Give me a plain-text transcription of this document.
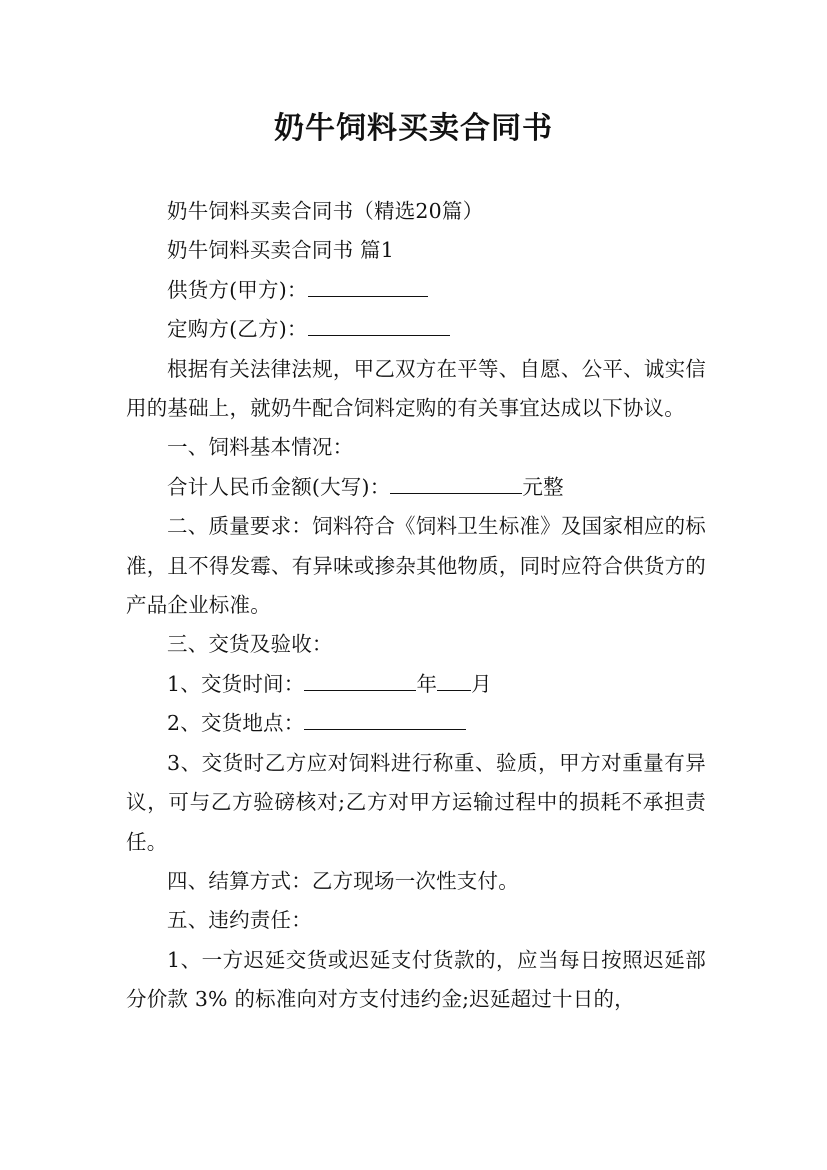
奶牛饲料买卖合同书

奶牛饲料买卖合同书（精选20篇）

奶牛饲料买卖合同书 篇1

供货方(甲方)：

定购方(乙方)：

根据有关法律法规，甲乙双方在平等、自愿、公平、诚实信用的基础上，就奶牛配合饲料定购的有关事宜达成以下协议。

一、饲料基本情况：

合计人民币金额(大写)：	元整

二、质量要求：饲料符合《饲料卫生标准》及国家相应的标准，且不得发霉、有异味或掺杂其他物质，同时应符合供货方的产品企业标准。

三、交货及验收：

1、交货时间：	年 月

2、交货地点：

3、交货时乙方应对饲料进行称重、验质，甲方对重量有异议，可与乙方验磅核对;乙方对甲方运输过程中的损耗不承担责任。

四、结算方式：乙方现场一次性支付。

五、违约责任：

1、一方迟延交货或迟延支付货款的，应当每日按照迟延部分价款 3% 的标准向对方支付违约金;迟延超过十日的，
